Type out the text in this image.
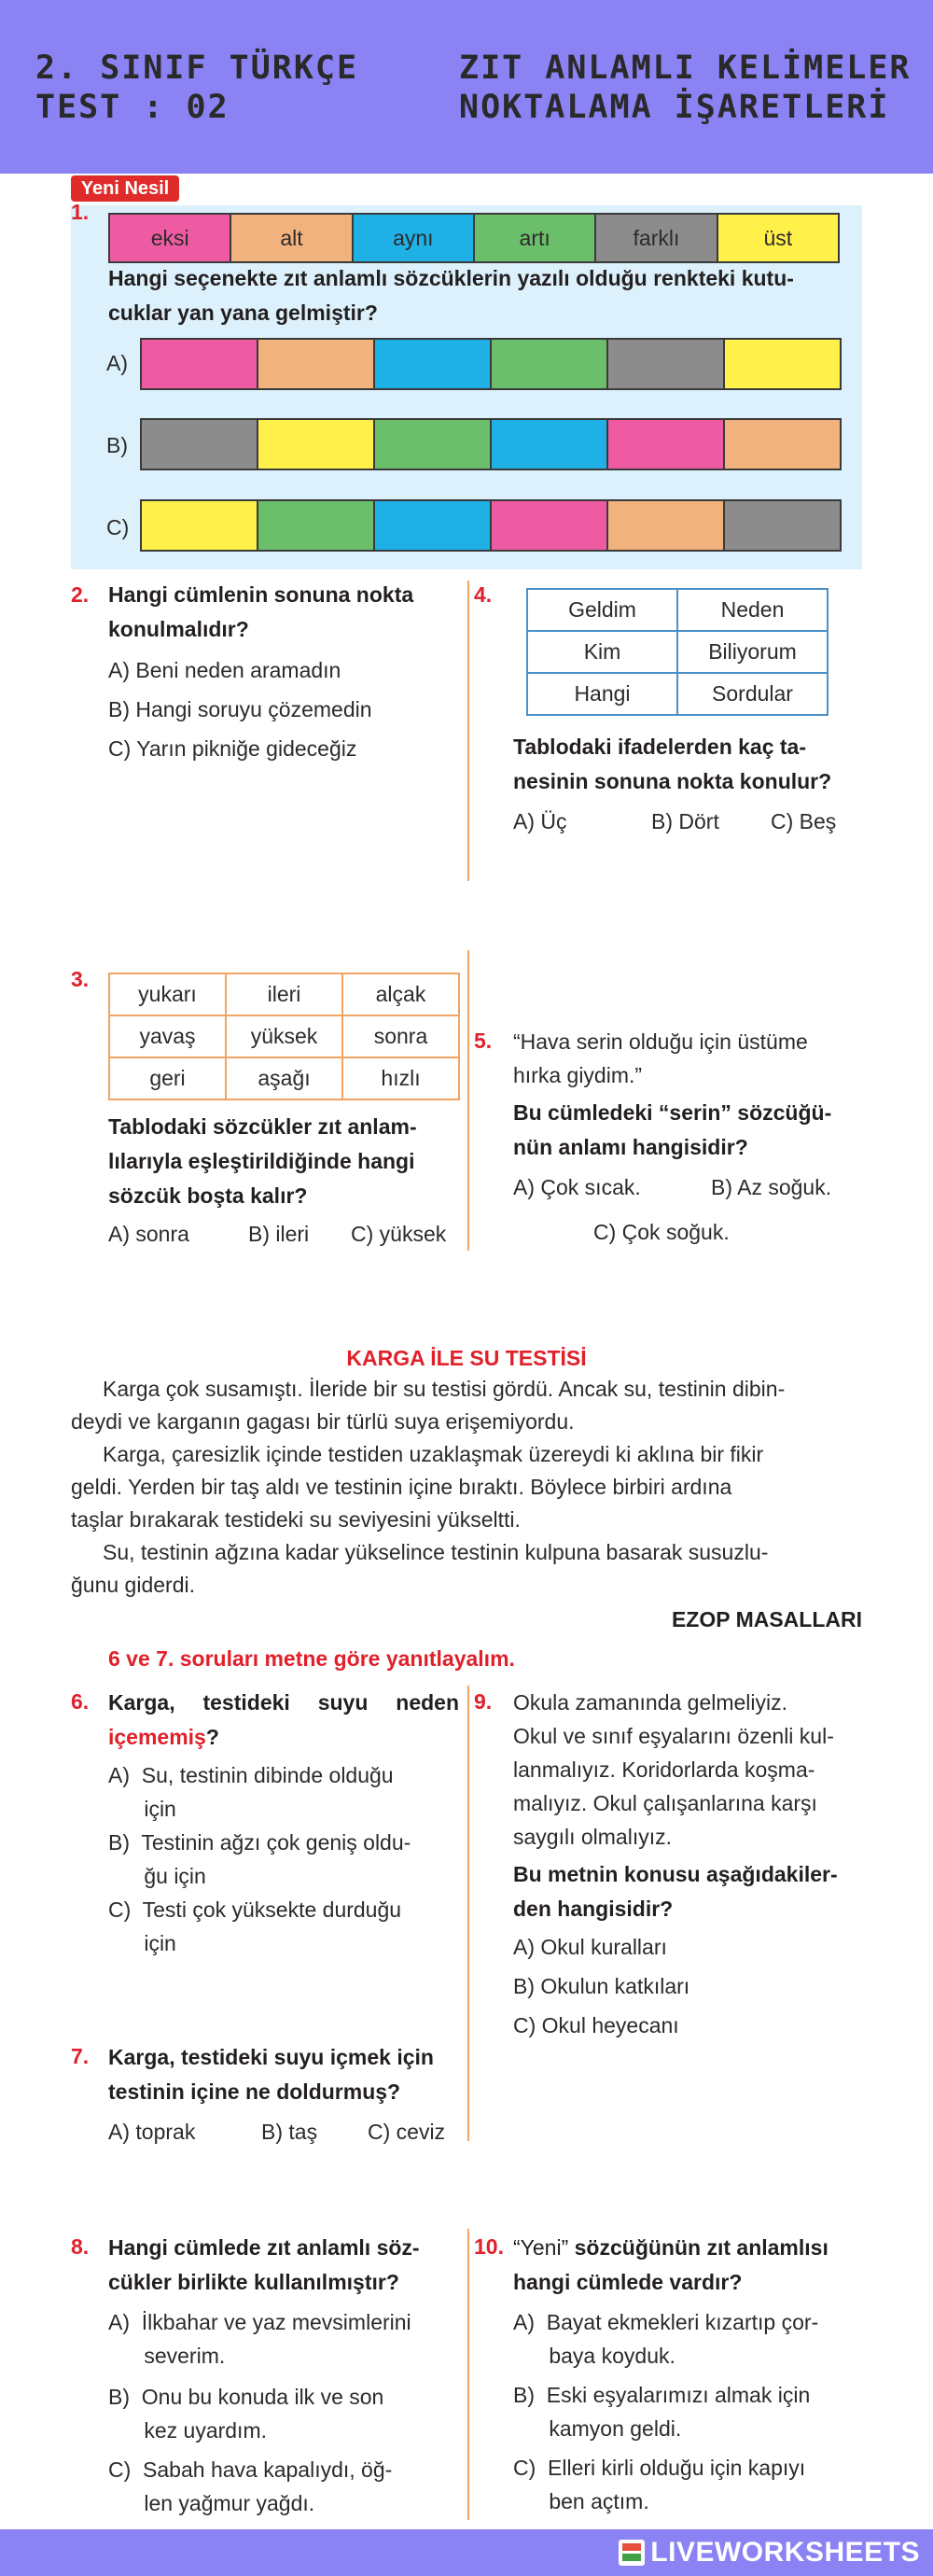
2. SINIF TÜRKÇE
TEST : 02
ZIT ANLAMLI KELİMELER
NOKTALAMA İŞARETLERİ
Yeni Nesil
1.
eksi	alt	aynı	artı	farklı	üst
Hangi seçenekte zıt anlamlı sözcüklerin yazılı olduğu renkteki kutu-
cuklar yan yana gelmiştir?
A)
B)
C)
2. Hangi cümlenin sonuna nokta
konulmalıdır?
A) Beni neden aramadın
B) Hangi soruyu çözemedin
C) Yarın pikniğe gideceğiz
4.
Geldim	Neden
Kim	Biliyorum
Hangi	Sordular
Tablodaki ifadelerden kaç ta-
nesinin sonuna nokta konulur?
A) Üç	B) Dört C) Beş
3.
yukarı	ileri	alçak
yavaş	yüksek	sonra
geri	aşağı	hızlı
Tablodaki sözcükler zıt anlam-
lılarıyla eşleştirildiğinde hangi
sözcük boşta kalır?
A) sonra	B) ileri C) yüksek
5. “Hava serin olduğu için üstüme
hırka giydim.”
Bu cümledeki “serin” sözcüğü-
nün anlamı hangisidir?
A) Çok sıcak.	B) Az soğuk.
C) Çok soğuk.
KARGA İLE SU TESTİSİ
Karga çok susamıştı. İleride bir su testisi gördü. Ancak su, testinin dibin-
deydi ve karganın gagası bir türlü suya erişemiyordu.
Karga, çaresizlik içinde testiden uzaklaşmak üzereydi ki aklına bir fikir
geldi. Yerden bir taş aldı ve testinin içine bıraktı. Böylece birbiri ardına
taşlar bırakarak testideki su seviyesini yükseltti.
Su, testinin ağzına kadar yükselince testinin kulpuna basarak susuzlu-
ğunu giderdi.
EZOP MASALLARI
6 ve 7. soruları metne göre yanıtlayalım.
6. Karga, testideki suyu neden
içememiş?
A)  Su, testinin dibinde olduğu
için
B)  Testinin ağzı çok geniş oldu-
ğu için
C)  Testi çok yüksekte durduğu
için
7. Karga, testideki suyu içmek için
testinin içine ne doldurmuş?
A) toprak	B) taş C) ceviz
9. Okula zamanında gelmeliyiz.
Okul ve sınıf eşyalarını özenli kul-
lanmalıyız. Koridorlarda koşma-
malıyız. Okul çalışanlarına karşı
saygılı olmalıyız.
Bu metnin konusu aşağıdakiler-
den hangisidir?
A) Okul kuralları
B) Okulun katkıları
C) Okul heyecanı
8. Hangi cümlede zıt anlamlı söz-
cükler birlikte kullanılmıştır?
A)  İlkbahar ve yaz mevsimlerini
severim.
B)  Onu bu konuda ilk ve son
kez uyardım.
C)  Sabah hava kapalıydı, öğ-
len yağmur yağdı.
10. “Yeni” sözcüğünün zıt anlamlısı
hangi cümlede vardır?
A)  Bayat ekmekleri kızartıp çor-
baya koyduk.
B)  Eski eşyalarımızı almak için
kamyon geldi.
C)  Elleri kirli olduğu için kapıyı
ben açtım.
LIVEWORKSHEETS
